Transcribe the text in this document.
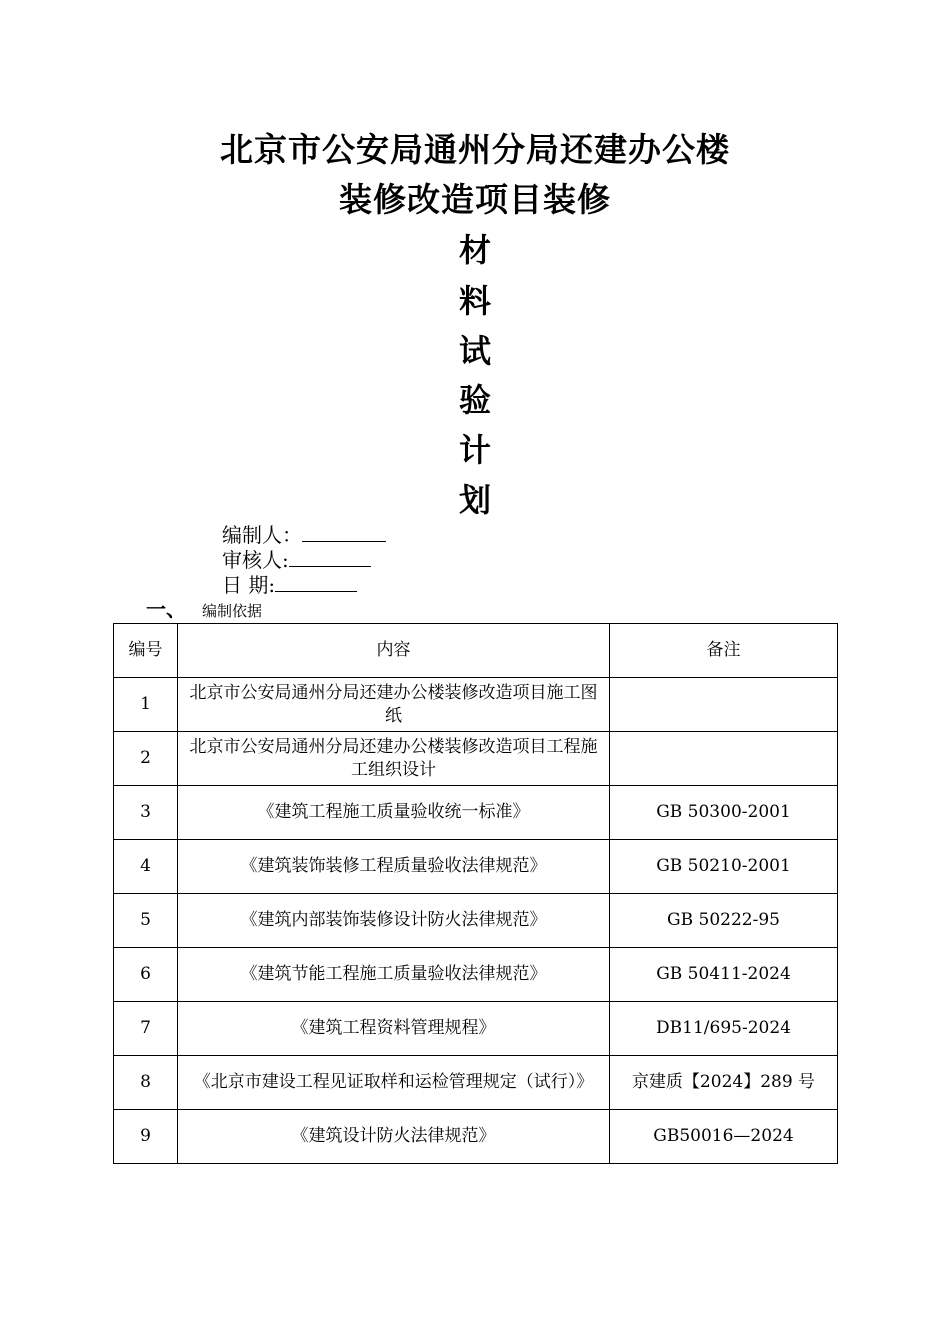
北京市公安局通州分局还建办公楼
装修改造项目装修
材
料
试
验
计
划
编制人：
审核人:
日 期:
一、 编制依据
编号	内容	备注
1	北京市公安局通州分局还建办公楼装修改造项目施工图纸	
2	北京市公安局通州分局还建办公楼装修改造项目工程施工组织设计	
3	《建筑工程施工质量验收统一标准》	GB 50300-2001
4	《建筑装饰装修工程质量验收法律规范》	GB 50210-2001
5	《建筑内部装饰装修设计防火法律规范》	GB 50222-95
6	《建筑节能工程施工质量验收法律规范》	GB 50411-2024
7	《建筑工程资料管理规程》	DB11/695-2024
8	《北京市建设工程见证取样和运检管理规定（试行）》	京建质【2024】289 号
9	《建筑设计防火法律规范》	GB50016—2024
